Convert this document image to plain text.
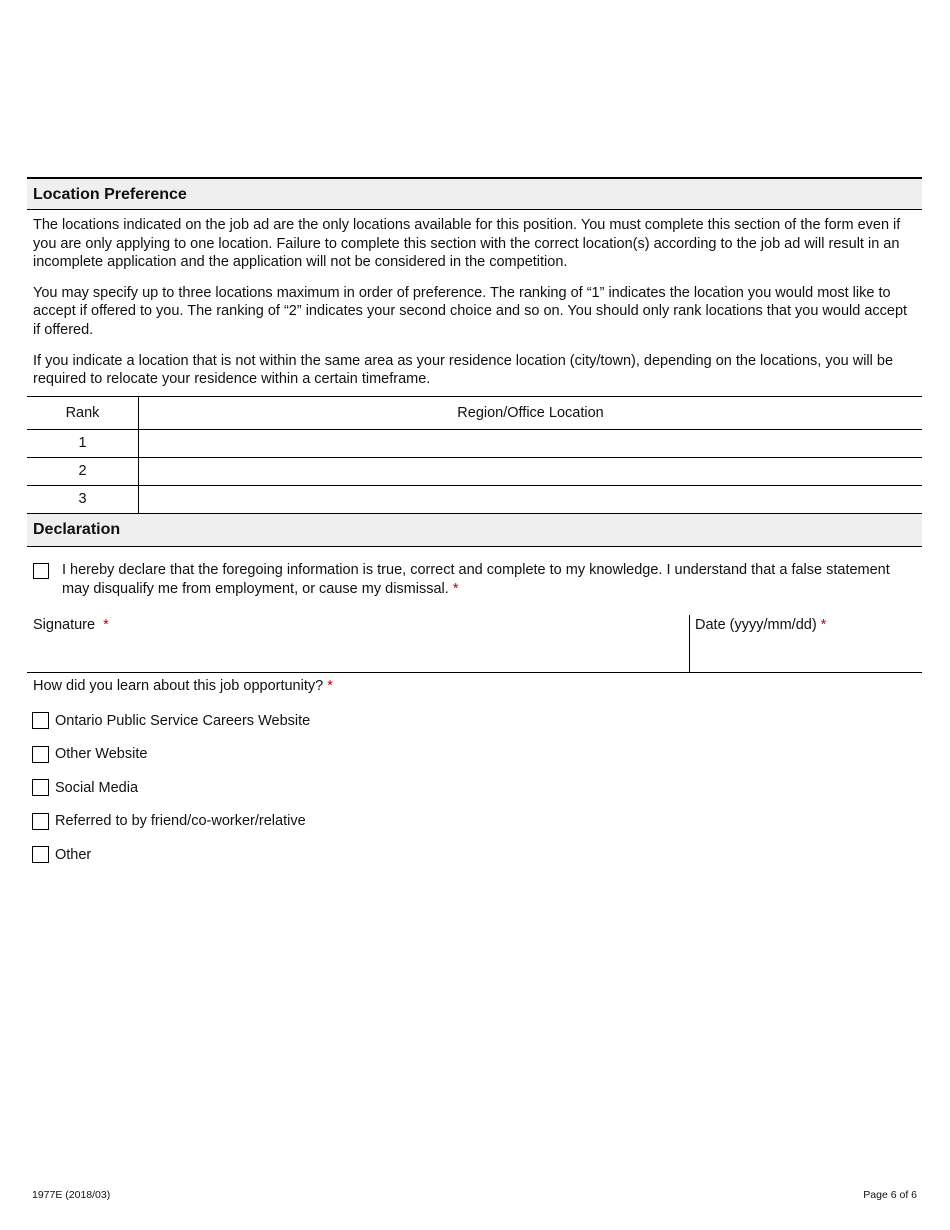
Location Preference

The locations indicated on the job ad are the only locations available for this position. You must complete this section of the form even if you are only applying to one location. Failure to complete this section with the correct location(s) according to the job ad will result in an incomplete application and the application will not be considered in the competition.

You may specify up to three locations maximum in order of preference. The ranking of “1” indicates the location you would most like to accept if offered to you. The ranking of “2” indicates your second choice and so on. You should only rank locations that you would accept if offered.

If you indicate a location that is not within the same area as your residence location (city/town), depending on the locations, you will be required to relocate your residence within a certain timeframe.

Rank	Region/Office Location
1	
2	
3	
Declaration
I hereby declare that the foregoing information is true, correct and complete to my knowledge. I understand that a false statement may disqualify me from employment, or cause my dismissal. *
Signature *	Date (yyyy/mm/dd) *
How did you learn about this job opportunity? *
Ontario Public Service Careers Website
Other Website
Social Media
Referred to by friend/co-worker/relative
Other
1977E (2018/03)	Page 6 of 6
